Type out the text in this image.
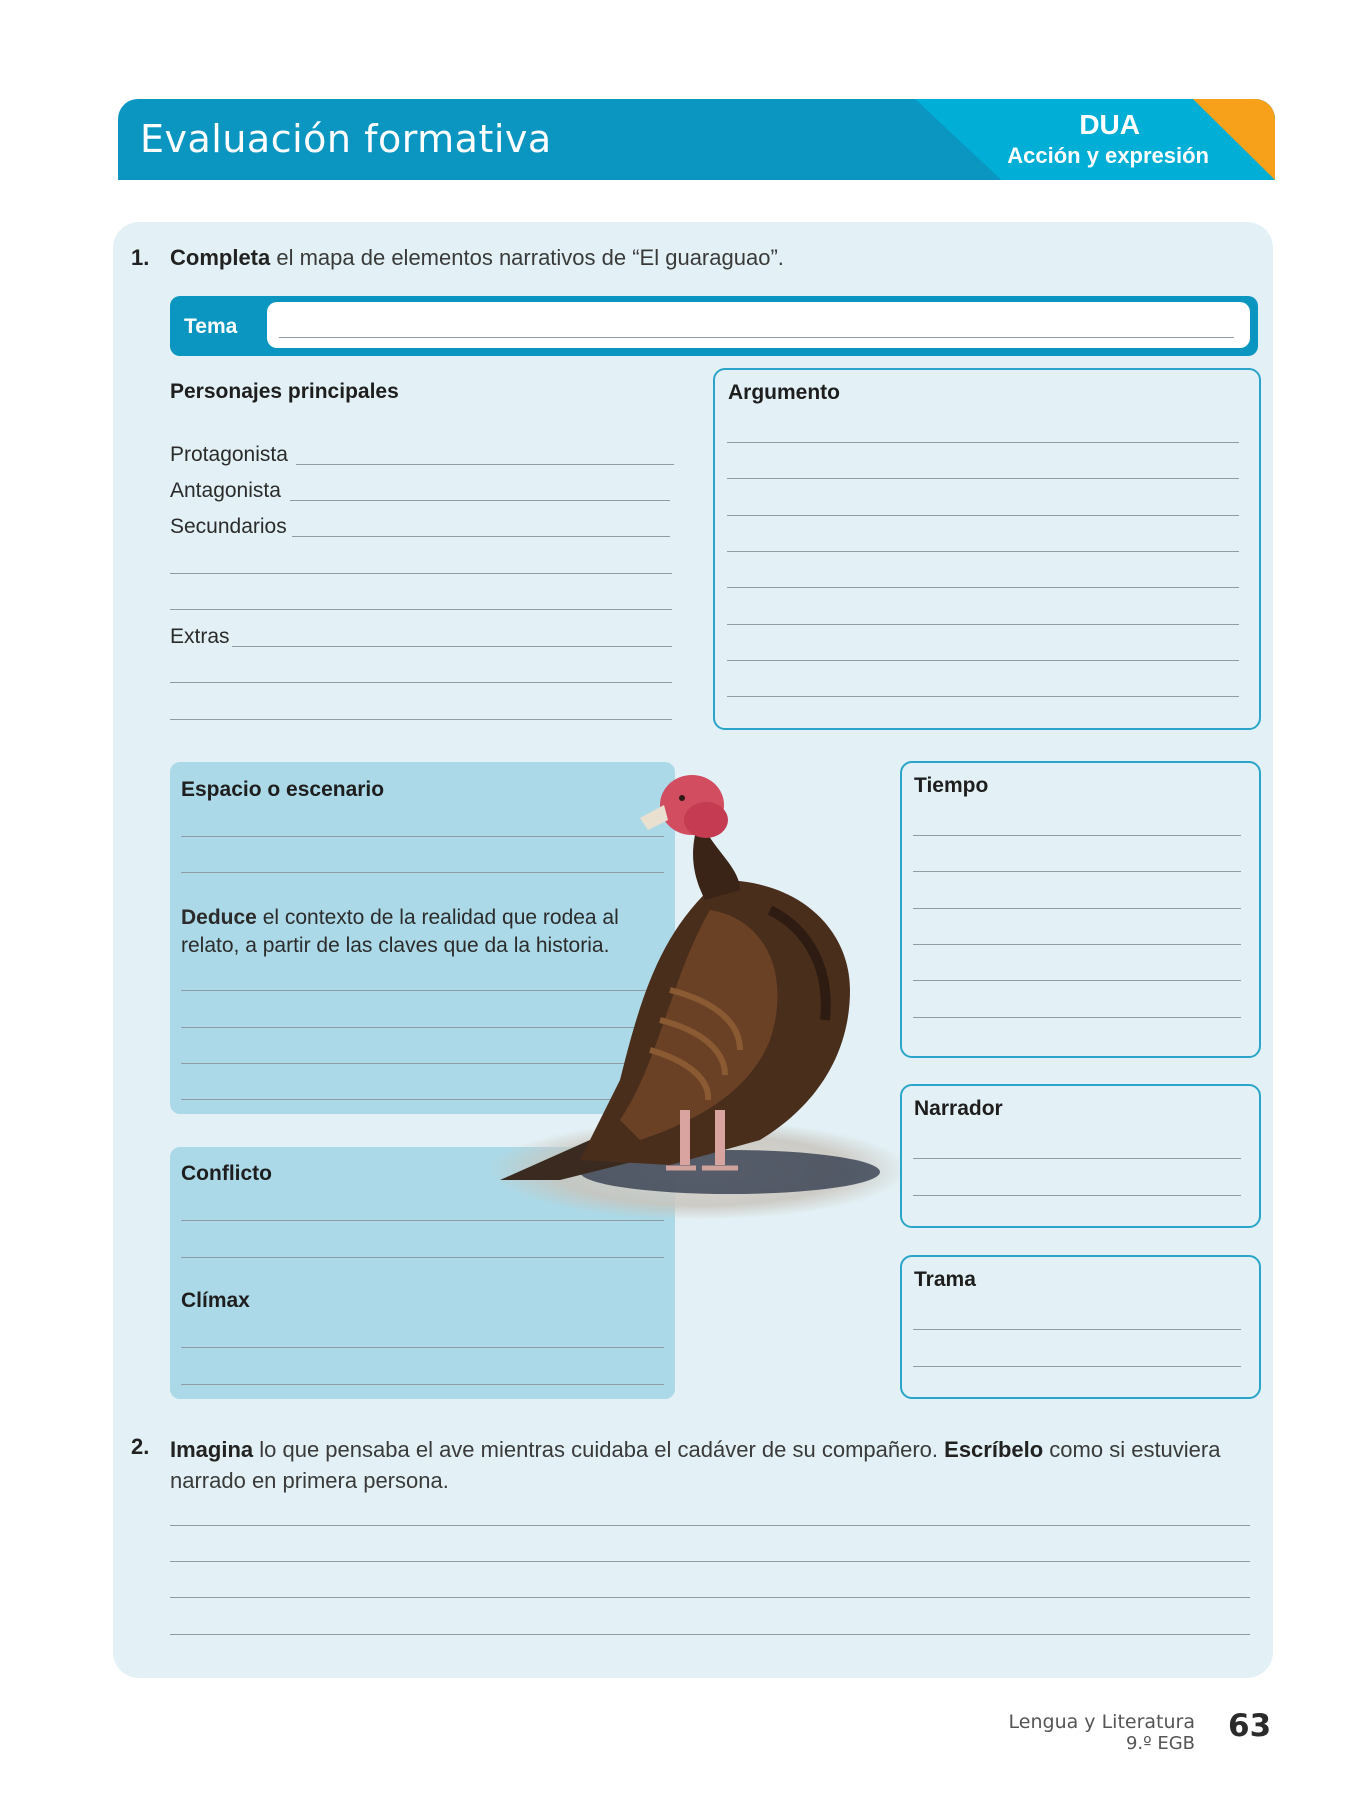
Evaluación formativa	DUA
Acción y expresión
1. Completa el mapa de elementos narrativos de “El guaraguao”.
Tema
Personajes principales
Protagonista
Antagonista
Secundarios
Extras
Argumento
Espacio o escenario
Deduce el contexto de la realidad que rodea al
relato, a partir de las claves que da la historia.
Conflicto
Clímax
Tiempo
Narrador
Trama
2. Imagina lo que pensaba el ave mientras cuidaba el cadáver de su compañero. Escríbelo como si estuviera
narrado en primera persona.
Lengua y Literatura
9.º EGB 63
